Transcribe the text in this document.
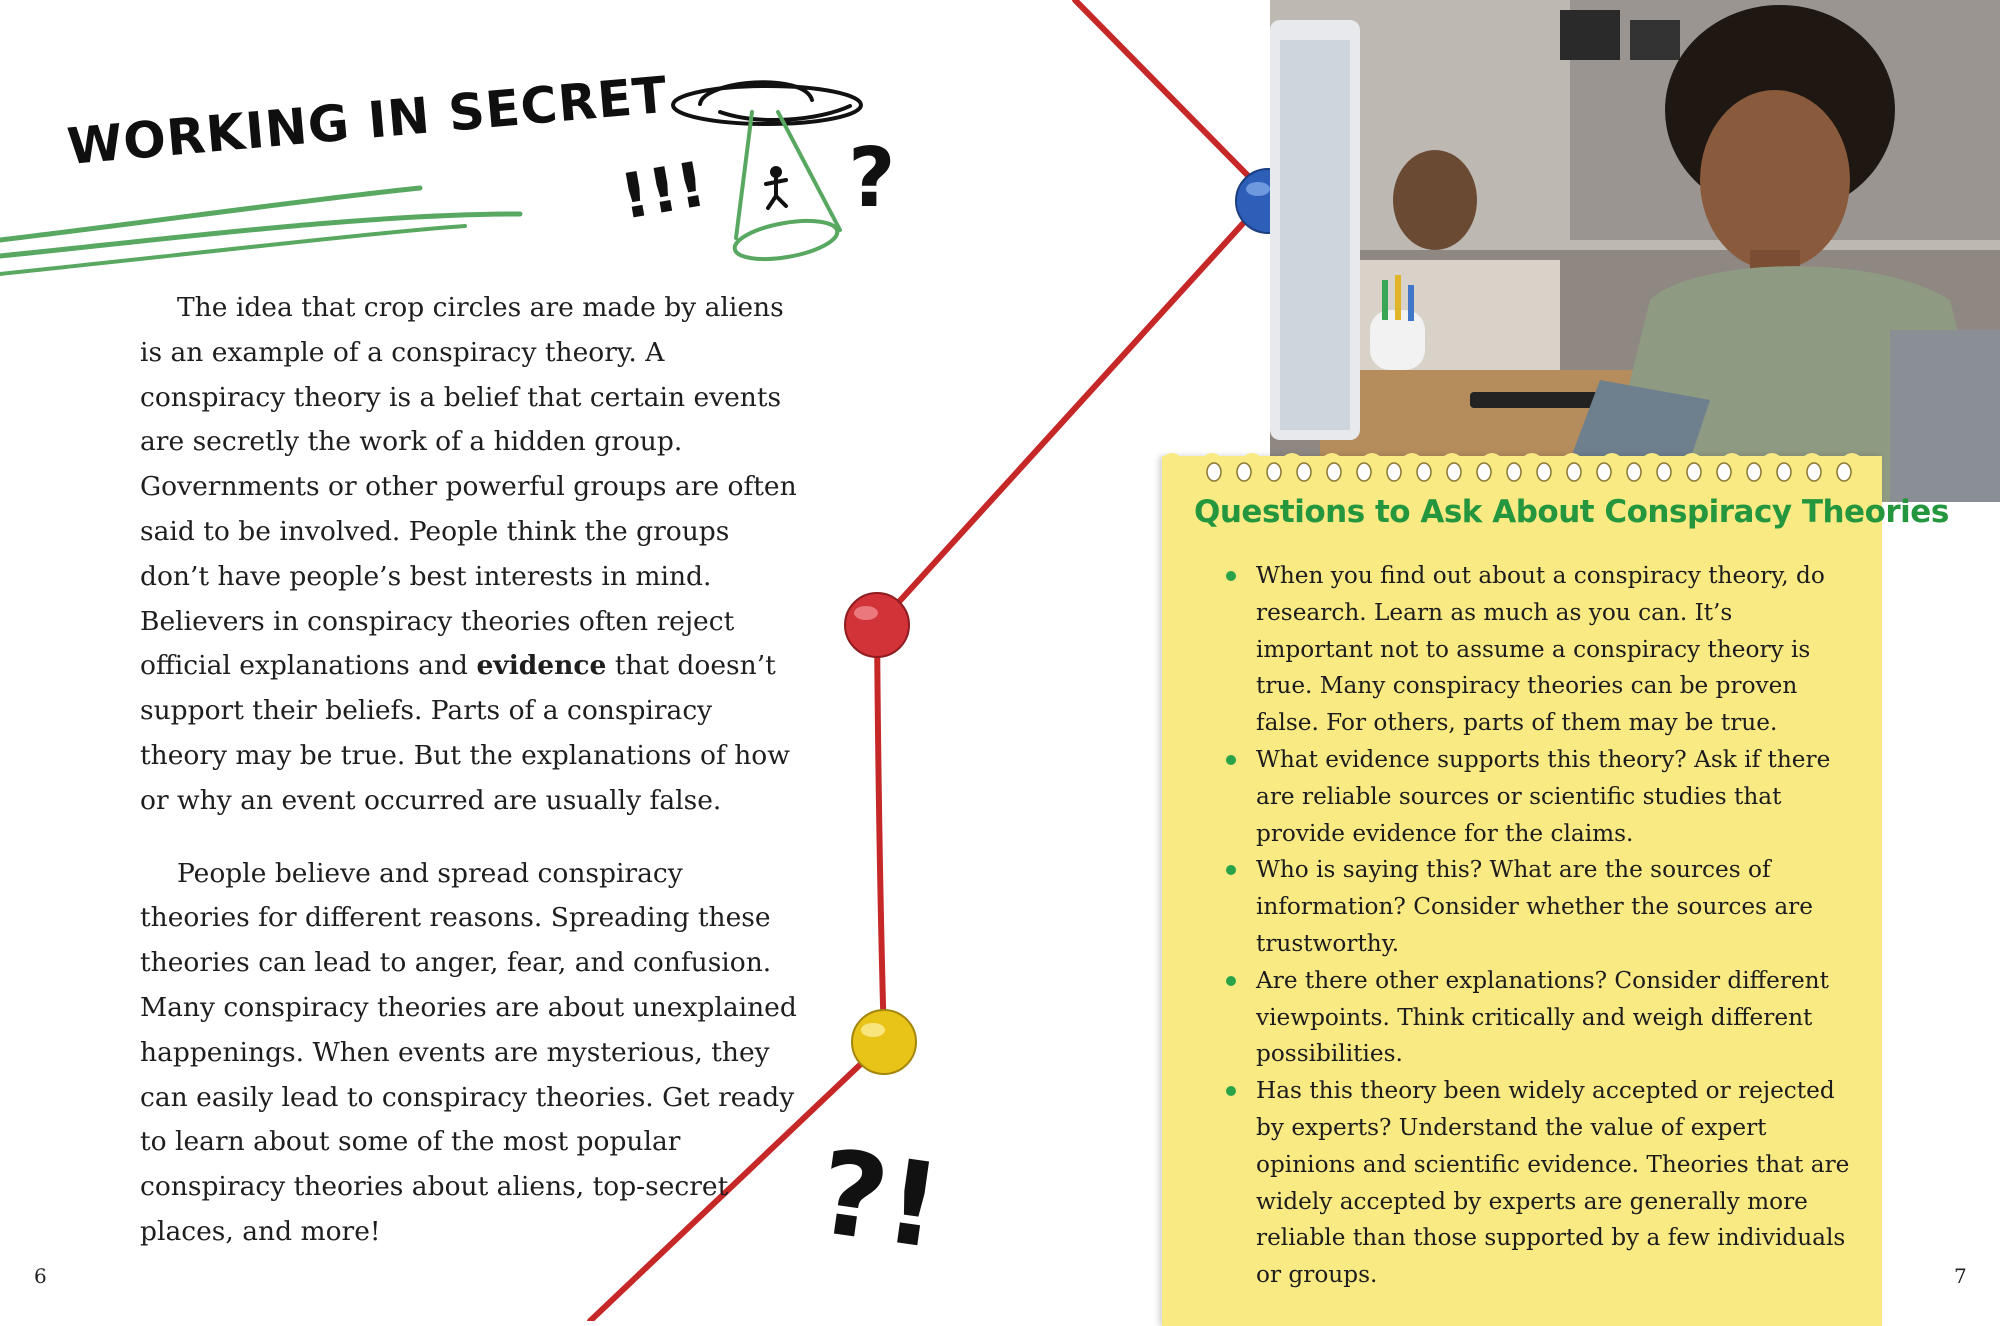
!!! ?
?!
WORKING IN SECRET

The idea that crop circles are made by aliens is an example of a conspiracy theory. A conspiracy theory is a belief that certain events are secretly the work of a hidden group. Governments or other powerful groups are often said to be involved. People think the groups don’t have people’s best interests in mind. Believers in conspiracy theories often reject official explanations and evidence that doesn’t support their beliefs. Parts of a conspiracy theory may be true. But the explanations of how or why an event occurred are usually false.

People believe and spread conspiracy theories for different reasons. Spreading these theories can lead to anger, fear, and confusion. Many conspiracy theories are about unexplained happenings. When events are mysterious, they can easily lead to conspiracy theories. Get ready to learn about some of the most popular conspiracy theories about aliens, top-secret places, and more!

6
Questions to Ask About Conspiracy Theories
When you find out about a conspiracy theory, do research. Learn as much as you can. It’s important not to assume a conspiracy theory is true. Many conspiracy theories can be proven false. For others, parts of them may be true.
What evidence supports this theory? Ask if there are reliable sources or scientific studies that provide evidence for the claims.
Who is saying this? What are the sources of information? Consider whether the sources are trustworthy.
Are there other explanations? Consider different viewpoints. Think critically and weigh different possibilities.
Has this theory been widely accepted or rejected by experts? Understand the value of expert opinions and scientific evidence. Theories that are widely accepted by experts are generally more reliable than those supported by a few individuals or groups.	7
